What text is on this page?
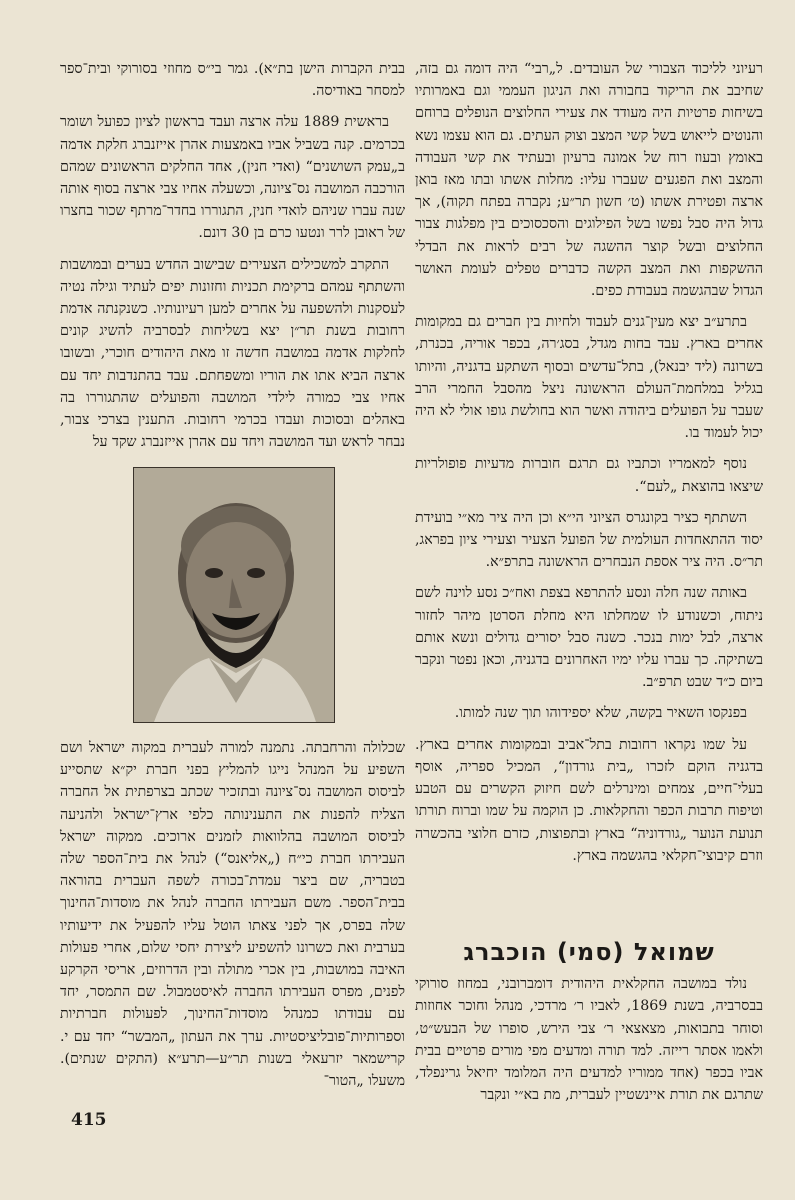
רעיוני לליכוד הצבורי של העובדים. ל„רבי“ היה דומה גם בזה, שחיבב את הריקוד בחבורה ואת הניגון העממי וגם באמרותיו בשיחות פרטיות היה מעודד את צעירי החלוצים הנופלים ברוחם והנוטים לייאוש בשל קשי המצב וצוק העתים. גם הוא עצמו נשא באומץ ובעוז רוח של אמונה ברעיון ובעתיד את קשי העבודה והמצב ואת הפגעים שעברו עליו: מחלות אשתו ובתו מאז בואן ארצה ופטירת אשתו (ט׳ חשון תר״ע; נקברה בפתח תקוה), אך גדול היה סבל נפשו בשל הפילוגים והסכסוכים בין מפלגות צבור החלוצים ובשל קוצר ההשגה של רבים לראות את הבדלי ההשקפות ואת המצב הקשה כדברים טפלים לעומת האושר הגדול שבהגשמה בעבודת כפים.

בתרע״ב יצא מעין־גנים לעבוד ולחיות בין חברים גם במקומות אחרים בארץ. עבד בחות מגדל, בסג׳רה, בכפר אוריה, בכנרת, בשרונה (ליד יבנאל), בתל־עדשים ובסוף השתקע בדגניה, והיותו בגליל במלחמת־העולם הראשונה ניצל מהסבל החמרי הרב שעבר על הפועלים ביהודה ואשר הוא בחולשת גופו אולי לא היה יכול לעמוד בו.

נוסף למאמריו וכתביו גם תרגם חוברות מדעיות פופולריות שיצאו בהוצאת „לעם“.

השתתף כציר בקונגרס הציוני הי״א וכן היה ציר מא״י בועידת יסוד ההתאחדות העולמית של הפועל הצעיר וצעירי ציון בפראג, תר״ס. היה ציר אספת הנבחרים הראשונה בתרפ״א.

באותה שנה חלה ונסע להתרפא בצפת ואח״כ נסע לוינה לשם ניתוח, וכשנודע לו שמחלתו היא מחלת הסרטן מיהר לחזור ארצה, לבל ימות בנכר. כשנה סבל יסורים גדולים ונשא אותם בשתיקה. כך עברו עליו ימיו האחרונים בדגניה, וכאן נפטר ונקבר ביום כ״ד שבט תרפ״ב.

בפנקסו השאיר בקשה, שלא יספידוהו תוך שנה למותו.

על שמו נקראו רחובות בתל־אביב ובמקומות אחרים בארץ. בדגניה הוקם לזכרו „בית גורדון“, המכיל ספריה, אוסף בעלי־חיים, צמחים ומינרלים לשם חיזוק הקשרים עם הטבע וטיפוח תרבות הכפר והחקלאות. כן הוקמה על שמו וברוח תורתו תנועת הנוער „גורדוניה“ בארץ ובתפוצות, כזרם חלוצי בהכשרה וזרם קיבוצי־חקלאי בהגשמה בארץ.

שמואל (סמי) הוכברג

נולד במושבה החקלאית היהודית דומברובני, במחוז סורוקי בבסרביה, בשנת 1869, לאביו ר׳ מרדכי, מנהל וחוכר אחוזות וסוחר בתבואות, מצאצאי ר׳ צבי הירש, סופרו של הבעש״ט, ולאמו אסתר רייזה. למד תורה ומדעים מפי מורים פרטיים בבית אביו בכפר (אחד ממוריו למדעים היה המלומד יחיאל גרינפלד, שתרגם את תורת איינשטיין לעברית, מת בא״י ונקבר

בבית הקברות הישן בת״א). גמר בי״ס מחוזי בסורוקי ובית־ספר למסחר באודיסה.

בראשית 1889 עלה ארצה ועבד בראשון לציון כפועל ושומר בכרמים. קנה בשביל אביו באמצעות אהרן אייזנברג חלקת אדמה ב„עמק השושנים“ (ואדי חנין), אחד החלקים הראשונים שמהם הורכבה המושבה נס־ציונה, וכשעלה אחיו צבי ארצה בסוף אותה שנה עברו שניהם לואדי חנין, התגוררו בחדר־מרתף שכור בחצרו של ראובן לרר ונטעו כרם בן 30 דונם.

התקרב למשכילים הצעירים שבישוב החדש בערים ובמושבות והשתתף עמהם ברקימת תכניות וחזונות יפים לעתיד וגילה נטיה לעסקנות ולהשפעה על אחרים למען רעיונותיו. כשנקנתה אדמת רחובות בשנת תר״ן יצא בשליחות לבסרביה להשיג קונים לחלקות אדמה במושבה חדשה זו מאת היהודים חוכרי, ובשובו ארצה הביא אתו את הוריו ומשפחתם. עבד בהתנדבות יחד עם אחיו צבי כמורה לילדי המושבה והפועלים שהתגוררו בה באהלים ובסוכות ועבדו בכרמי רחובות. התענין בצרכי צבור, נבחר לראש ועד המושבה ויחד עם אהרן אייזנברג שקד על

שכלולה והרחבתה. נתמנה למורה לעברית במקוה ישראל ושם השפיע על המנהל נייגו להמליץ בפני חברת יק״א שתסייע לביסוס המושבה נס־ציונה ובתזכיר שכתב בצרפתית אל החברה הצליח להפנות את התענינותה כלפי ארץ־ישראל ולהניעה לביסוס המושבה בהלוואות לזמנים ארוכים. ממקוה ישראל העבירתו חברת כי״ח („אליאנס“) לנהל את בית־הספר שלה בטבריה, שם ביצר עמדת־בכורה לשפה העברית בהוראה בבית־הספר. משם העבירתו החברה לנהל את מוסדות־החינוך שלה בפרס, אך לפני צאתו הוטל עליו להפעיל את ידיעותיו בערבית ואת כשרונו להשפיע ליצירת יחסי שלום, אחרי פעולות האיבה במושבות, בין אכרי מתולה ובין הדרוזים, אריסי הקרקע לפנים, מפרס העבירתו החברה לאיסטמבול. שם התמסר, יחד עם עבודתו כמנהל מוסדות־החינוך, לפעולות חברתיות וספרותיות־פובליציסטיות. ערך את העתון „המבשר“ יחד עם י. קרישמאר יזרעאלי בשנות תר״ע—תרע״א (התקים שנתים). משעלו „הטור־

415
